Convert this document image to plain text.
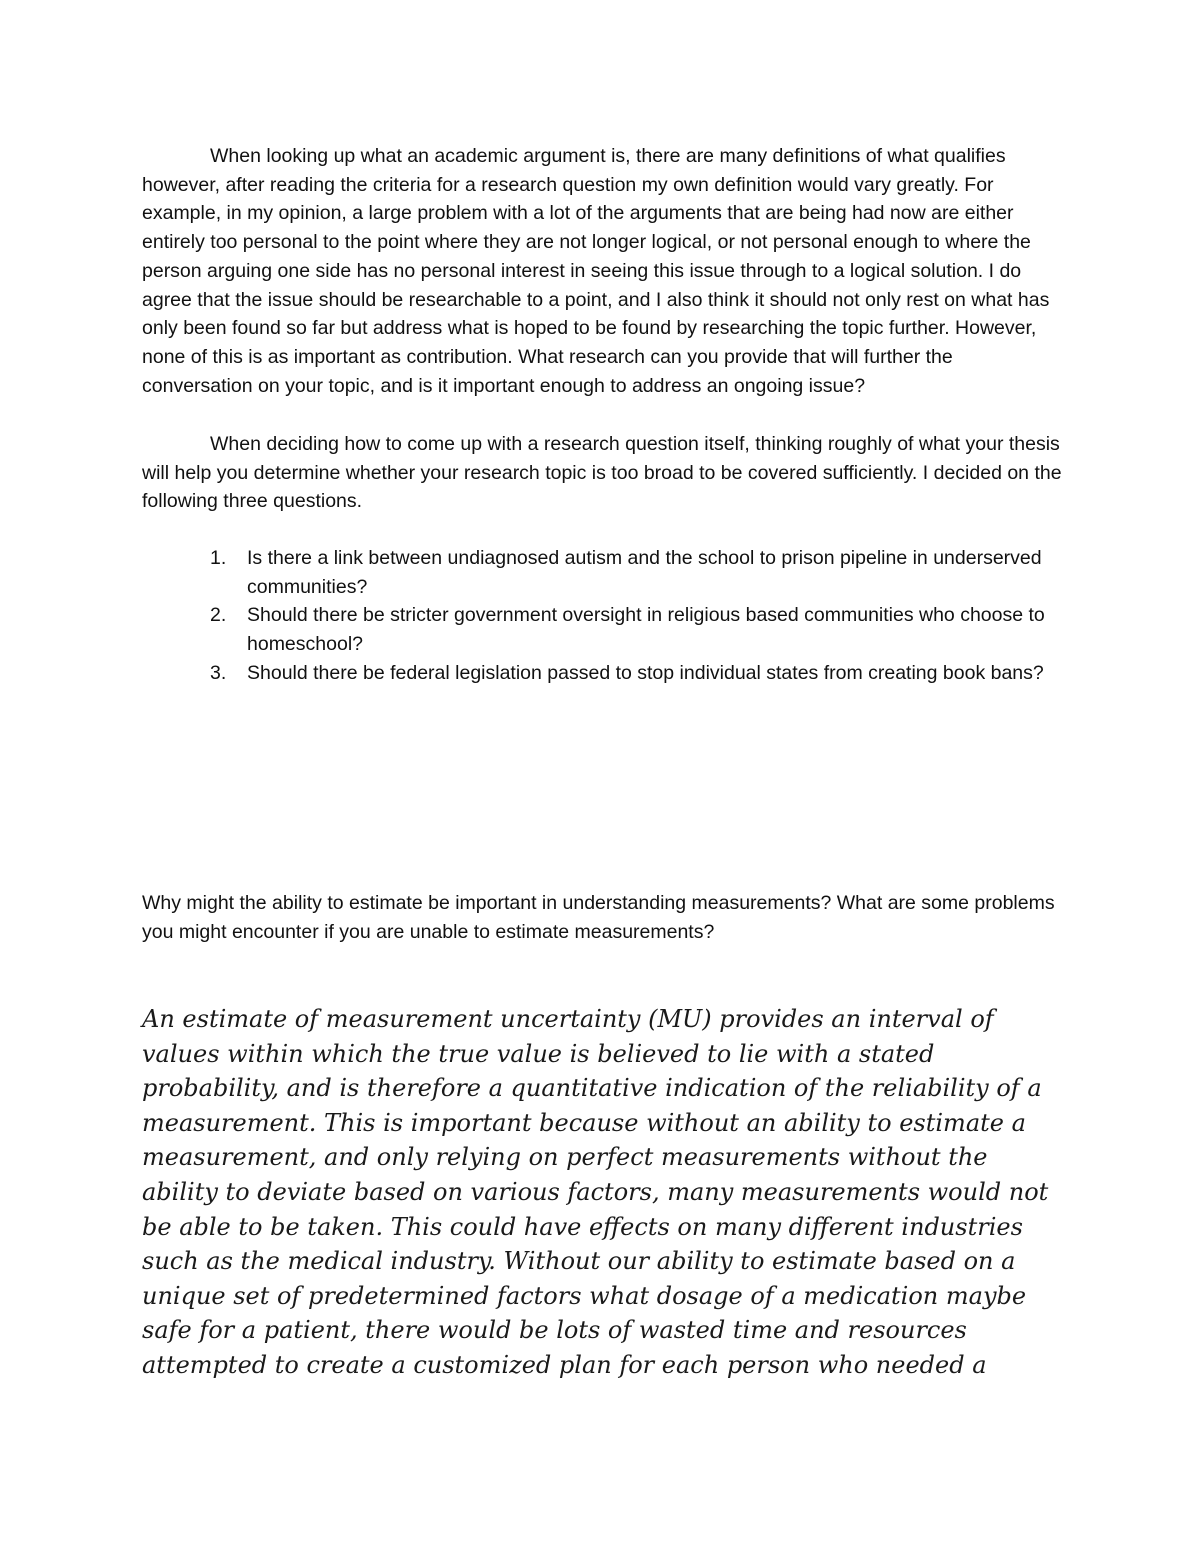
When looking up what an academic argument is, there are many definitions of what qualifies however, after reading the criteria for a research question my own definition would vary greatly. For example, in my opinion, a large problem with a lot of the arguments that are being had now are either entirely too personal to the point where they are not longer logical, or not personal enough to where the person arguing one side has no personal interest in seeing this issue through to a logical solution. I do agree that the issue should be researchable to a point, and I also think it should not only rest on what has only been found so far but address what is hoped to be found by researching the topic further. However, none of this is as important as contribution. What research can you provide that will further the conversation on your topic, and is it important enough to address an ongoing issue?

When deciding how to come up with a research question itself, thinking roughly of what your thesis will help you determine whether your research topic is too broad to be covered sufficiently. I decided on the following three questions.

1. Is there a link between undiagnosed autism and the school to prison pipeline in underserved communities?
2. Should there be stricter government oversight in religious based communities who choose to homeschool?
3. Should there be federal legislation passed to stop individual states from creating book bans?

Why might the ability to estimate be important in understanding measurements? What are some problems you might encounter if you are unable to estimate measurements?

An estimate of measurement uncertainty (MU) provides an interval of values within which the true value is believed to lie with a stated probability, and is therefore a quantitative indication of the reliability of a measurement. This is important because without an ability to estimate a measurement, and only relying on perfect measurements without the ability to deviate based on various factors, many measurements would not be able to be taken. This could have effects on many different industries such as the medical industry. Without our ability to estimate based on a unique set of predetermined factors what dosage of a medication maybe safe for a patient, there would be lots of wasted time and resources attempted to create a customized plan for each person who needed a
